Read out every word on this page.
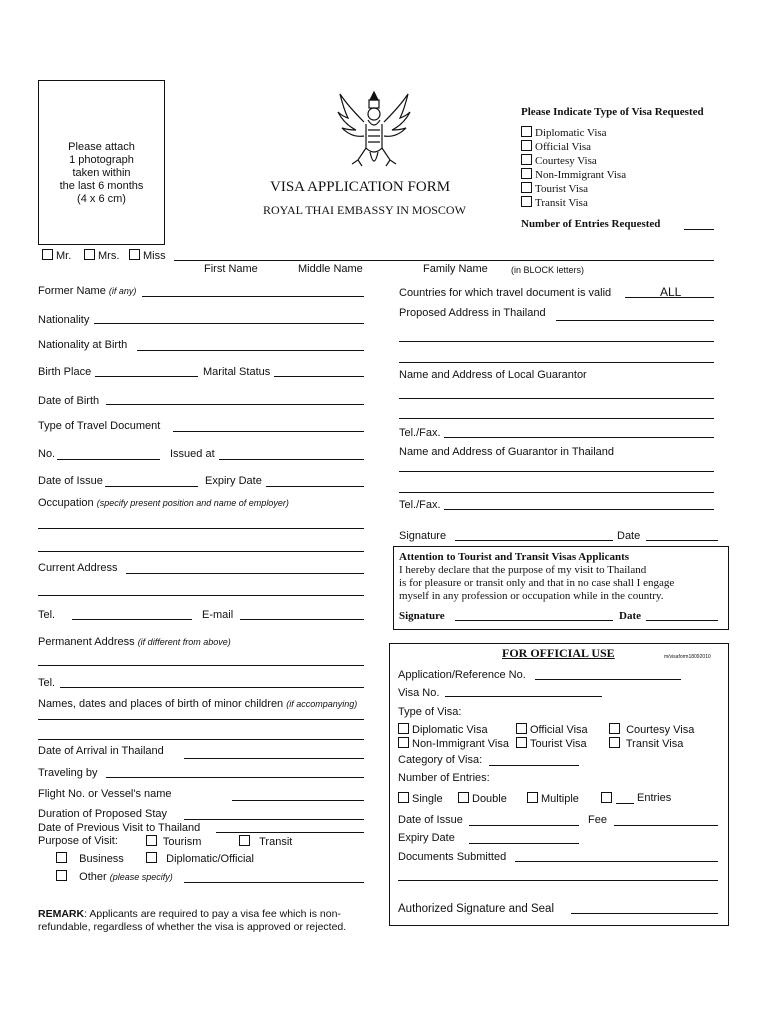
Please attach
1 photograph
taken within
the last 6 months
(4 x 6 cm)
VISA APPLICATION FORM
ROYAL THAI EMBASSY IN MOSCOW
Please Indicate Type of Visa Requested
Diplomatic Visa
Official Visa
Courtesy Visa
Non-Immigrant Visa
Tourist Visa
Transit Visa
Number of Entries Requested
Mr.	Mrs.	Miss
First Name	Middle Name	Family Name	(in BLOCK letters)
Former Name (if any)
Nationality
Nationality at Birth
Birth Place	Marital Status
Date of Birth
Type of Travel Document
No.	Issued at
Date of Issue	Expiry Date
Occupation (specify present position and name of employer)
Current Address
Tel.	E-mail
Permanent Address (if different from above)
Tel.
Names, dates and places of birth of minor children (if accompanying)
Date of Arrival in Thailand
Traveling by
Flight No. or Vessel's name
Duration of Proposed Stay
Date of Previous Visit to Thailand
Purpose of Visit:	Tourism	Transit
Business	Diplomatic/Official
Other (please specify)
REMARK: Applicants are required to pay a visa fee which is non-
refundable, regardless of whether the visa is approved or rejected.
Countries for which travel document is valid	ALL
Proposed Address in Thailand
Name and Address of Local Guarantor
Tel./Fax.
Name and Address of Guarantor in Thailand
Tel./Fax.
Signature	Date
Attention to Tourist and Transit Visas Applicants
I hereby declare that the purpose of my visit to Thailand
is for pleasure or transit only and that in no case shall I engage
myself in any profession or occupation while in the country.
Signature	Date
FOR OFFICIAL USE	m/visaform18092010
Application/Reference No.
Visa No.
Type of Visa:
Diplomatic Visa	Official Visa	Courtesy Visa
Non-Immigrant Visa	Tourist Visa	Transit Visa
Category of Visa:
Number of Entries:
Single	Double	Multiple	Entries
Date of Issue	Fee
Expiry Date
Documents Submitted
Authorized Signature and Seal
